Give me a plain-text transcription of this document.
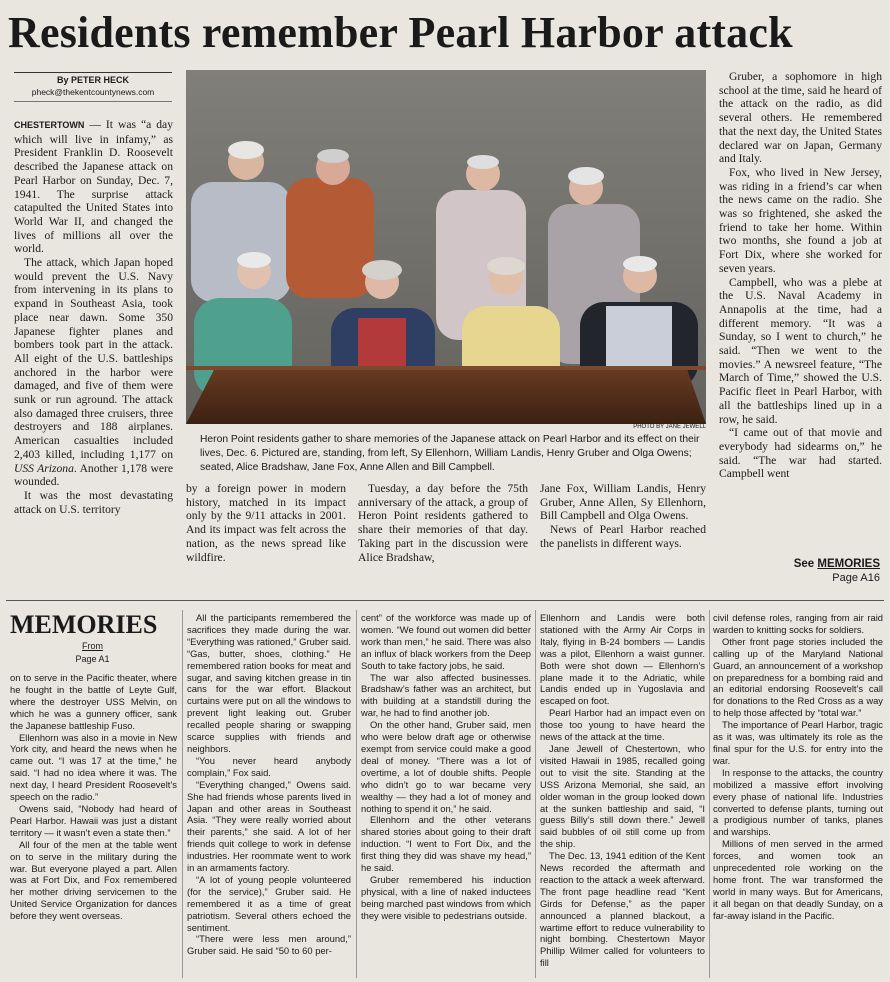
Residents remember Pearl Harbor attack
By PETER HECK
pheck@thekentcountynews.com

CHESTERTOWN — It was “a day which will live in infamy,” as President Franklin D. Roosevelt described the Japanese attack on Pearl Harbor on Sunday, Dec. 7, 1941. The surprise attack catapulted the United States into World War II, and changed the lives of millions all over the world.

The attack, which Japan hoped would prevent the U.S. Navy from intervening in its plans to expand in Southeast Asia, took place near dawn. Some 350 Japanese fighter planes and bombers took part in the attack. All eight of the U.S. battleships anchored in the harbor were damaged, and five of them were sunk or run aground. The attack also damaged three cruisers, three destroyers and 188 airplanes. American casualties included 2,403 killed, including 1,177 on USS Arizona. Another 1,178 were wounded.

It was the most devastating attack on U.S. territory

PHOTO BY JANE JEWELL
Heron Point residents gather to share memories of the Japanese attack on Pearl Harbor and its effect on their lives, Dec. 6. Pictured are, standing, from left, Sy Ellenhorn, William Landis, Henry Gruber and Olga Owens; seated, Alice Bradshaw, Jane Fox, Anne Allen and Bill Campbell.

by a foreign power in modern history, matched in its impact only by the 9/11 attacks in 2001. And its impact was felt across the nation, as the news spread like wildfire.

Tuesday, a day before the 75th anniversary of the attack, a group of Heron Point residents gathered to share their memories of that day. Taking part in the discussion were Alice Bradshaw,

Jane Fox, William Landis, Henry Gruber, Anne Allen, Sy Ellenhorn, Bill Campbell and Olga Owens.

News of Pearl Harbor reached the panelists in different ways.

Gruber, a sophomore in high school at the time, said he heard of the attack on the radio, as did several others. He remembered that the next day, the United States declared war on Japan, Germany and Italy.

Fox, who lived in New Jersey, was riding in a friend’s car when the news came on the radio. She was so frightened, she asked the friend to take her home. Within two months, she found a job at Fort Dix, where she worked for seven years.

Campbell, who was a plebe at the U.S. Naval Academy in Annapolis at the time, had a different memory. “It was a Sunday, so I went to church,” he said. “Then we went to the movies.” A newsreel feature, “The March of Time,” showed the U.S. Pacific fleet in Pearl Harbor, with all the battleships lined up in a row, he said.

“I came out of that movie and everybody had sidearms on,” he said. “The war had started. Campbell went

See MEMORIES
Page A16
MEMORIES
From
Page A1

on to serve in the Pacific theater, where he fought in the battle of Leyte Gulf, where the destroyer USS Melvin, on which he was a gunnery officer, sank the Japanese battleship Fuso.

Ellenhorn was also in a movie in New York city, and heard the news when he came out. “I was 17 at the time,” he said. “I had no idea where it was. The next day, I heard President Roosevelt’s speech on the radio.”

Owens said, “Nobody had heard of Pearl Harbor. Hawaii was just a distant territory — it wasn’t even a state then.”

All four of the men at the table went on to serve in the military during the war. But everyone played a part. Allen was at Fort Dix, and Fox remembered her mother driving servicemen to the United Service Organization for dances before they went overseas.

All the participants remembered the sacrifices they made during the war. “Everything was rationed,” Gruber said. “Gas, butter, shoes, clothing.” He remembered ration books for meat and sugar, and saving kitchen grease in tin cans for the war effort. Blackout curtains were put on all the windows to prevent light leaking out. Gruber recalled people sharing or swapping scarce supplies with friends and neighbors.

“You never heard anybody complain,” Fox said.

“Everything changed,” Owens said. She had friends whose parents lived in Japan and other areas in Southeast Asia. “They were really worried about their parents,” she said. A lot of her friends quit college to work in defense industries. Her roommate went to work in an armaments factory.

“A lot of young people volunteered (for the service),” Gruber said. He remembered it as a time of great patriotism. Several others echoed the sentiment.

“There were less men around,” Gruber said. He said “50 to 60 per-

cent” of the workforce was made up of women. “We found out women did better work than men,” he said. There was also an influx of black workers from the Deep South to take factory jobs, he said.

The war also affected businesses. Bradshaw’s father was an architect, but with building at a standstill during the war, he had to find another job.

On the other hand, Gruber said, men who were below draft age or otherwise exempt from service could make a good deal of money. “There was a lot of overtime, a lot of double shifts. People who didn’t go to war became very wealthy — they had a lot of money and nothing to spend it on,” he said.

Ellenhorn and the other veterans shared stories about going to their draft induction. “I went to Fort Dix, and the first thing they did was shave my head,” he said.

Gruber remembered his induction physical, with a line of naked inductees being marched past windows from which they were visible to pedestrians outside.

Ellenhorn and Landis were both stationed with the Army Air Corps in Italy, flying in B-24 bombers — Landis was a pilot, Ellenhorn a waist gunner. Both were shot down — Ellenhorn’s plane made it to the Adriatic, while Landis ended up in Yugoslavia and escaped on foot.

Pearl Harbor had an impact even on those too young to have heard the news of the attack at the time.

Jane Jewell of Chestertown, who visited Hawaii in 1985, recalled going out to visit the site. Standing at the USS Arizona Memorial, she said, an older woman in the group looked down at the sunken battleship and said, “I guess Billy’s still down there.” Jewell said bubbles of oil still come up from the ship.

The Dec. 13, 1941 edition of the Kent News recorded the aftermath and reaction to the attack a week afterward. The front page headline read “Kent Girds for Defense,” as the paper announced a planned blackout, a wartime effort to reduce vulnerability to night bombing. Chestertown Mayor Phillip Wilmer called for volunteers to fill

civil defense roles, ranging from air raid warden to knitting socks for soldiers.

Other front page stories included the calling up of the Maryland National Guard, an announcement of a workshop on preparedness for a bombing raid and an editorial endorsing Roosevelt’s call for donations to the Red Cross as a way to help those affected by “total war.”

The importance of Pearl Harbor, tragic as it was, was ultimately its role as the final spur for the U.S. for entry into the war.

In response to the attacks, the country mobilized a massive effort involving every phase of national life. Industries converted to defense plants, turning out a prodigious number of tanks, planes and warships.

Millions of men served in the armed forces, and women took an unprecedented role working on the home front. The war transformed the world in many ways. But for Americans, it all began on that deadly Sunday, on a far-away island in the Pacific.
